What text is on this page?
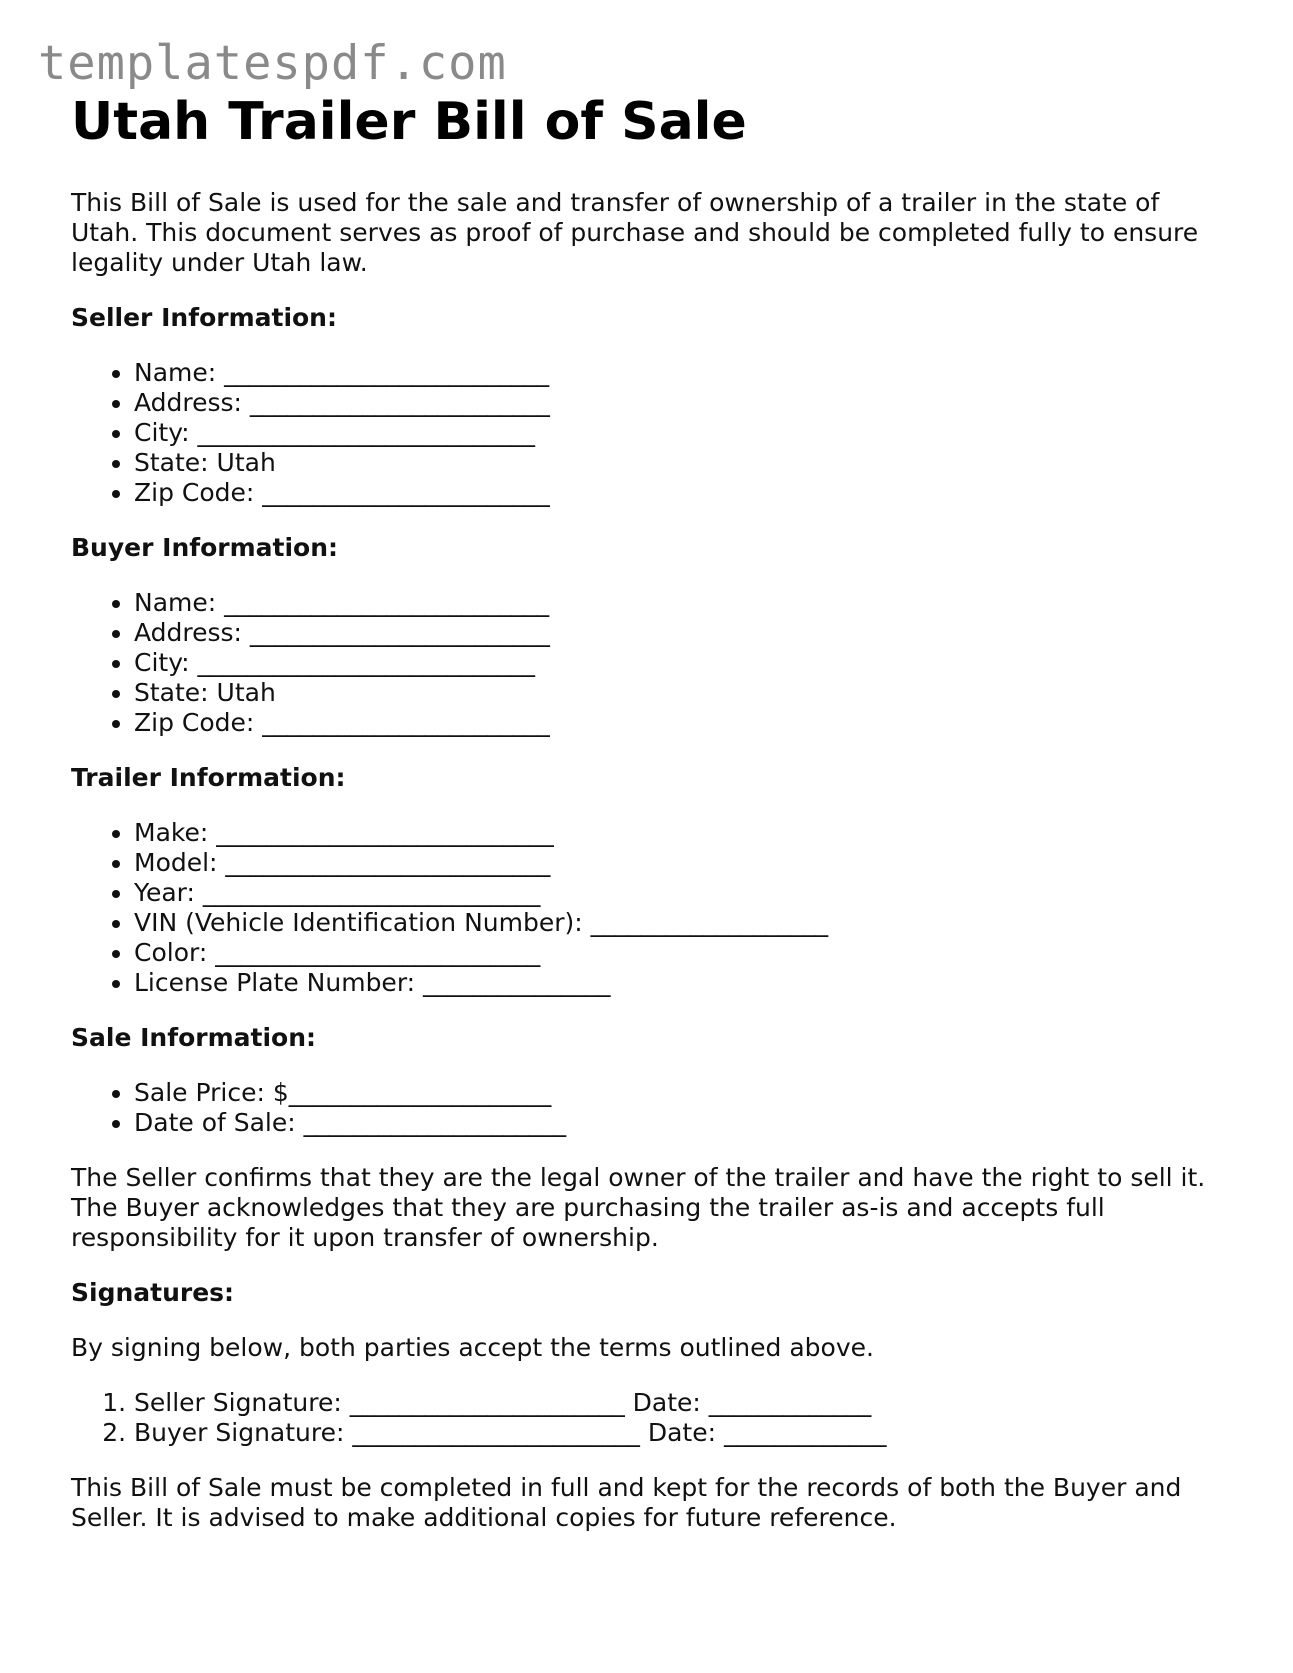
templatespdf.com
Utah Trailer Bill of Sale

This Bill of Sale is used for the sale and transfer of ownership of a trailer in the state of Utah. This document serves as proof of purchase and should be completed fully to ensure legality under Utah law.

Seller Information:
• Name: __________________________
• Address: ________________________
• City: ___________________________
• State: Utah
• Zip Code: _______________________
Buyer Information:
• Name: __________________________
• Address: ________________________
• City: ___________________________
• State: Utah
• Zip Code: _______________________
Trailer Information:
• Make: ___________________________
• Model: __________________________
• Year: ___________________________
• VIN (Vehicle Identification Number): ___________________
• Color: __________________________
• License Plate Number: _______________
Sale Information:
• Sale Price: $_____________________
• Date of Sale: _____________________

The Seller confirms that they are the legal owner of the trailer and have the right to sell it. The Buyer acknowledges that they are purchasing the trailer as-is and accepts full responsibility for it upon transfer of ownership.

Signatures:

By signing below, both parties accept the terms outlined above.

1. Seller Signature: ______________________ Date: _____________
2. Buyer Signature: _______________________ Date: _____________

This Bill of Sale must be completed in full and kept for the records of both the Buyer and Seller. It is advised to make additional copies for future reference.
